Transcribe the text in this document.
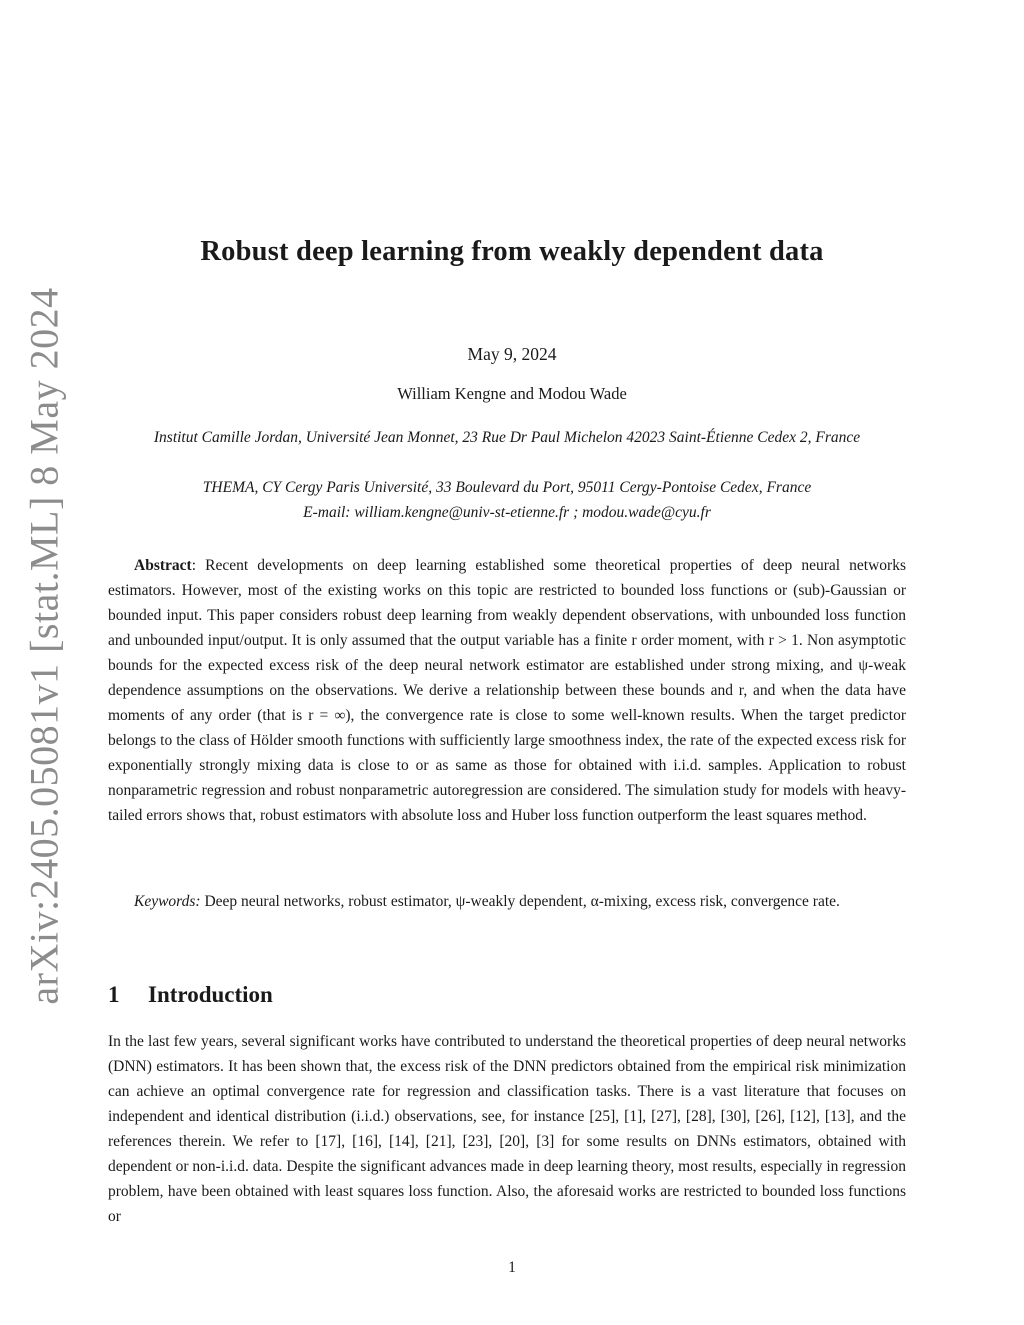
arXiv:2405.05081v1 [stat.ML] 8 May 2024
Robust deep learning from weakly dependent data
May 9, 2024
William Kengne and Modou Wade
Institut Camille Jordan, Université Jean Monnet, 23 Rue Dr Paul Michelon 42023 Saint-Étienne Cedex 2, France
THEMA, CY Cergy Paris Université, 33 Boulevard du Port, 95011 Cergy-Pontoise Cedex, France
E-mail: william.kengne@univ-st-etienne.fr ; modou.wade@cyu.fr

Abstract: Recent developments on deep learning established some theoretical properties of deep neural networks estimators. However, most of the existing works on this topic are restricted to bounded loss functions or (sub)-Gaussian or bounded input. This paper considers robust deep learning from weakly dependent observations, with unbounded loss function and unbounded input/output. It is only assumed that the output variable has a finite r order moment, with r > 1. Non asymptotic bounds for the expected excess risk of the deep neural network estimator are established under strong mixing, and ψ-weak dependence assumptions on the observations. We derive a relationship between these bounds and r, and when the data have moments of any order (that is r = ∞), the convergence rate is close to some well-known results. When the target predictor belongs to the class of Hölder smooth functions with sufficiently large smoothness index, the rate of the expected excess risk for exponentially strongly mixing data is close to or as same as those for obtained with i.i.d. samples. Application to robust nonparametric regression and robust nonparametric autoregression are considered. The simulation study for models with heavy-tailed errors shows that, robust estimators with absolute loss and Huber loss function outperform the least squares method.

Keywords: Deep neural networks, robust estimator, ψ-weakly dependent, α-mixing, excess risk, convergence rate.

1 Introduction

In the last few years, several significant works have contributed to understand the theoretical properties of deep neural networks (DNN) estimators. It has been shown that, the excess risk of the DNN predictors obtained from the empirical risk minimization can achieve an optimal convergence rate for regression and classification tasks. There is a vast literature that focuses on independent and identical distribution (i.i.d.) observations, see, for instance [25], [1], [27], [28], [30], [26], [12], [13], and the references therein. We refer to [17], [16], [14], [21], [23], [20], [3] for some results on DNNs estimators, obtained with dependent or non-i.i.d. data. Despite the significant advances made in deep learning theory, most results, especially in regression problem, have been obtained with least squares loss function. Also, the aforesaid works are restricted to bounded loss functions or

1
